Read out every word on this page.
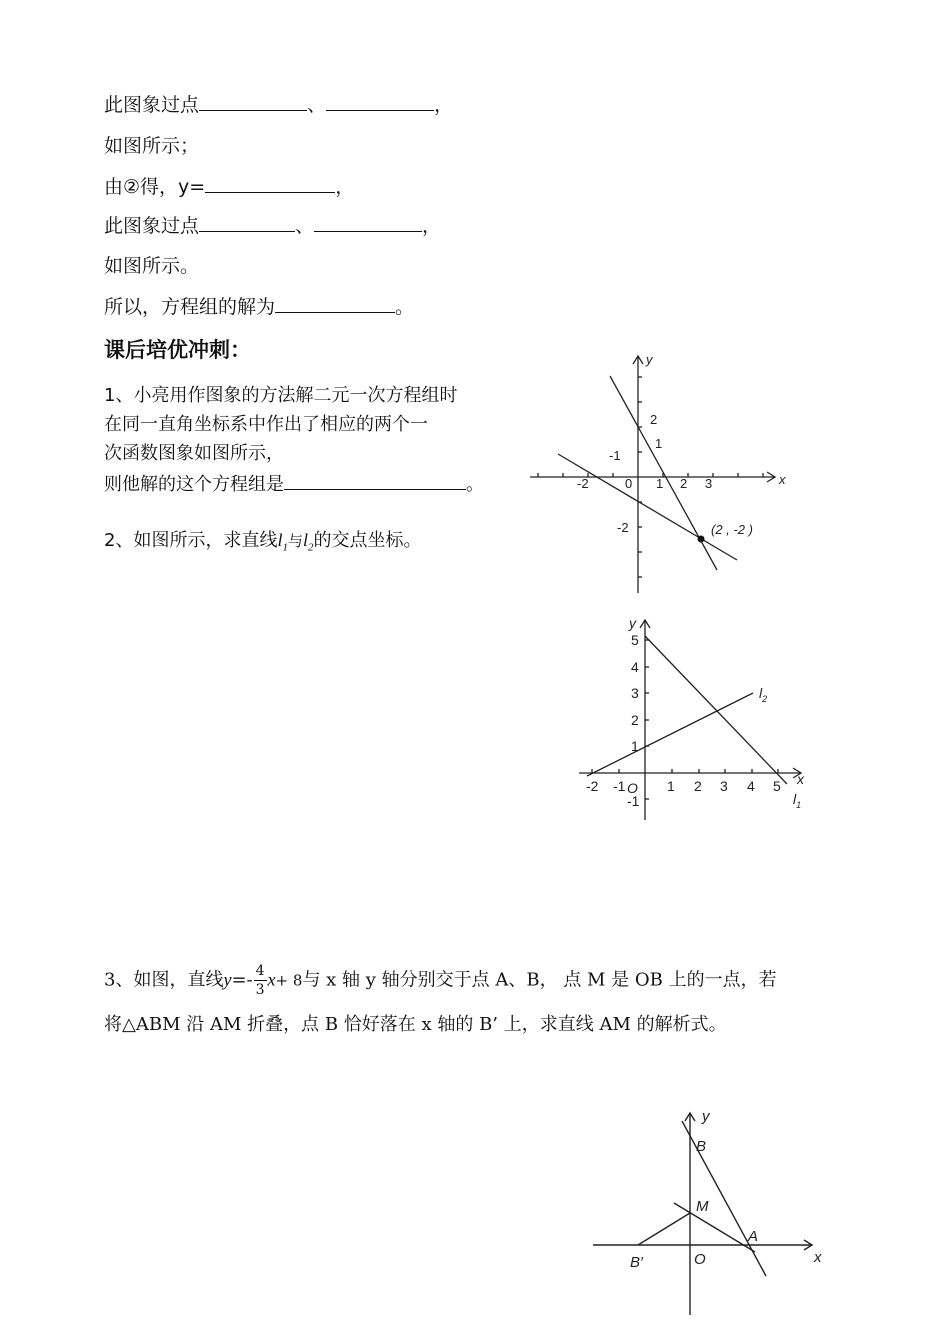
此图象过点	、	，
如图所示；
由②得，y=	，
此图象过点	、	，
如图所示。
所以，方程组的解为	。
课后培优冲刺：
1、小亮用作图象的方法解二元一次方程组时
在同一直角坐标系中作出了相应的两个一
次函数图象如图所示，
则他解的这个方程组是	。
2、如图所示，求直线$l_1$与$l_2$的交点坐标。
3、如图，直线$y=- \frac{4}{3} x+ 8$与 x 轴 y 轴分别交于点 A、B， 点 M 是 OB 上的一点，若
将△ABM 沿 AM 折叠，点 B 恰好落在 x 轴的 B’ 上，求直线 AM 的解析式。
x
y
0
-2	1 2 3
2
1
-1
-2	(2 , -2 )
x
y
-2 -1 O 1 2 3 4 5
5
4
3
2
1
-1
$l_2$
$l_1$
x
y
B
M
A
O
B′
